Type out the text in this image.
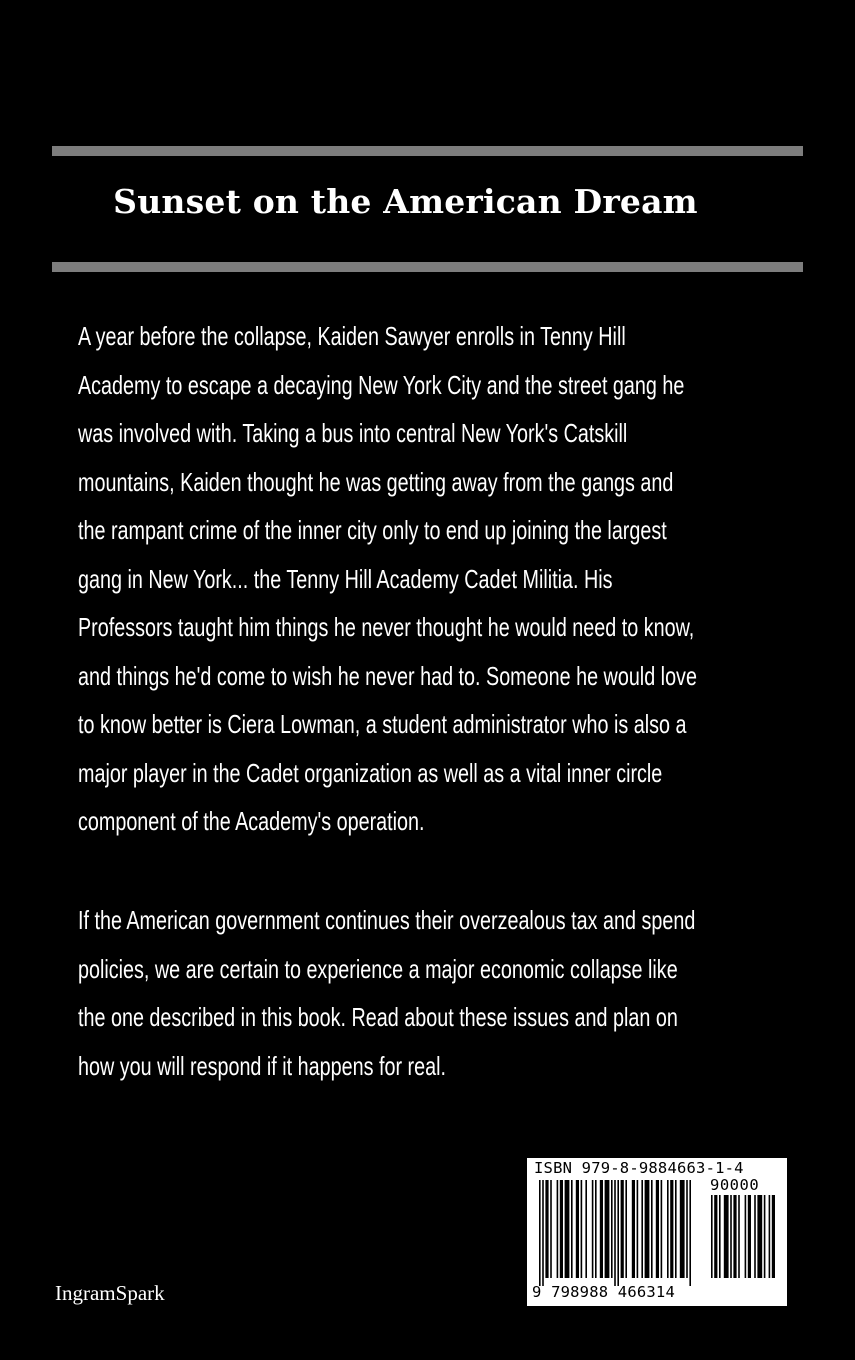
Sunset on the American Dream

A year before the collapse, Kaiden Sawyer enrolls in Tenny Hill
Academy to escape a decaying New York City and the street gang he
was involved with. Taking a bus into central New York's Catskill
mountains, Kaiden thought he was getting away from the gangs and
the rampant crime of the inner city only to end up joining the largest
gang in New York... the Tenny Hill Academy Cadet Militia. His
Professors taught him things he never thought he would need to know,
and things he'd come to wish he never had to. Someone he would love
to know better is Ciera Lowman, a student administrator who is also a
major player in the Cadet organization as well as a vital inner circle
component of the Academy's operation.

If the American government continues their overzealous tax and spend
policies, we are certain to experience a major economic collapse like
the one described in this book. Read about these issues and plan on
how you will respond if it happens for real.

IngramSpark
ISBN 979-8-9884663-1-4
90000
9 798988 466314
